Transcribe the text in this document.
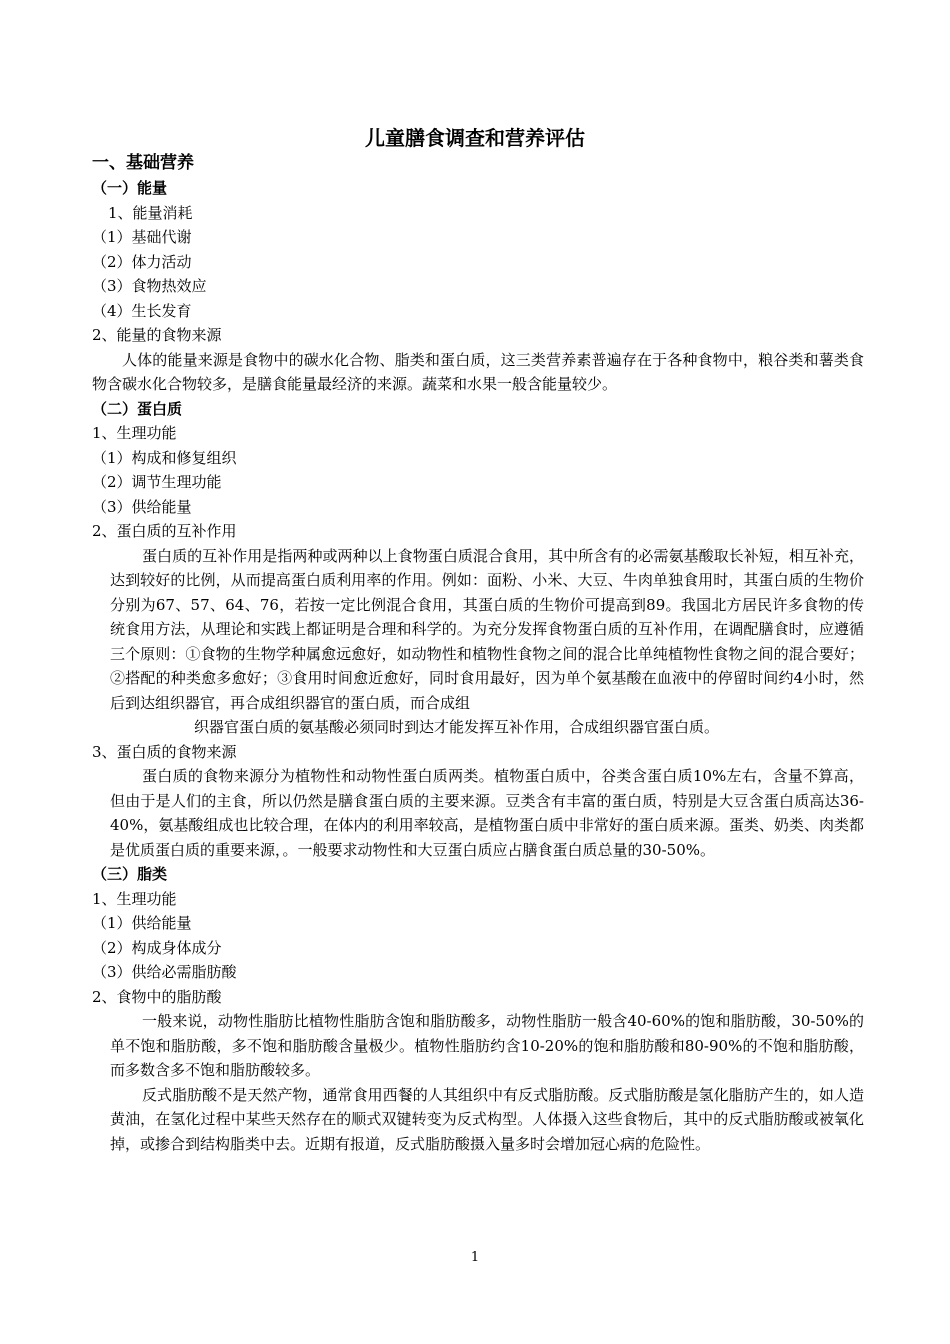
儿童膳食调查和营养评估

一、基础营养

（一）能量

1、能量消耗

（1）基础代谢

（2）体力活动

（3）食物热效应

（4）生长发育

2、能量的食物来源

人体的能量来源是食物中的碳水化合物、脂类和蛋白质，这三类营养素普遍存在于各种食物中，粮谷类和薯类食物含碳水化合物较多，是膳食能量最经济的来源。蔬菜和水果一般含能量较少。

（二）蛋白质

1、生理功能

（1）构成和修复组织

（2）调节生理功能

（3）供给能量

2、蛋白质的互补作用

蛋白质的互补作用是指两种或两种以上食物蛋白质混合食用，其中所含有的必需氨基酸取长补短，相互补充，达到较好的比例，从而提高蛋白质利用率的作用。例如：面粉、小米、大豆、牛肉单独食用时，其蛋白质的生物价分别为67、57、64、76，若按一定比例混合食用，其蛋白质的生物价可提高到89。我国北方居民许多食物的传统食用方法，从理论和实践上都证明是合理和科学的。为充分发挥食物蛋白质的互补作用，在调配膳食时，应遵循三个原则：①食物的生物学种属愈远愈好，如动物性和植物性食物之间的混合比单纯植物性食物之间的混合要好；②搭配的种类愈多愈好；③食用时间愈近愈好，同时食用最好，因为单个氨基酸在血液中的停留时间约4小时，然后到达组织器官，再合成组织器官的蛋白质，而合成组
织器官蛋白质的氨基酸必须同时到达才能发挥互补作用，合成组织器官蛋白质。

3、蛋白质的食物来源

蛋白质的食物来源分为植物性和动物性蛋白质两类。植物蛋白质中，谷类含蛋白质10%左右，含量不算高，但由于是人们的主食，所以仍然是膳食蛋白质的主要来源。豆类含有丰富的蛋白质，特别是大豆含蛋白质高达36-40%，氨基酸组成也比较合理，在体内的利用率较高，是植物蛋白质中非常好的蛋白质来源。蛋类、奶类、肉类都是优质蛋白质的重要来源，。一般要求动物性和大豆蛋白质应占膳食蛋白质总量的30-50%。

（三）脂类

1、生理功能

（1）供给能量

（2）构成身体成分

（3）供给必需脂肪酸

2、食物中的脂肪酸

一般来说，动物性脂肪比植物性脂肪含饱和脂肪酸多，动物性脂肪一般含40-60%的饱和脂肪酸，30-50%的单不饱和脂肪酸，多不饱和脂肪酸含量极少。植物性脂肪约含10-20%的饱和脂肪酸和80-90%的不饱和脂肪酸，而多数含多不饱和脂肪酸较多。

反式脂肪酸不是天然产物，通常食用西餐的人其组织中有反式脂肪酸。反式脂肪酸是氢化脂肪产生的，如人造黄油，在氢化过程中某些天然存在的顺式双键转变为反式构型。人体摄入这些食物后，其中的反式脂肪酸或被氧化掉，或掺合到结构脂类中去。近期有报道，反式脂肪酸摄入量多时会增加冠心病的危险性。

1
